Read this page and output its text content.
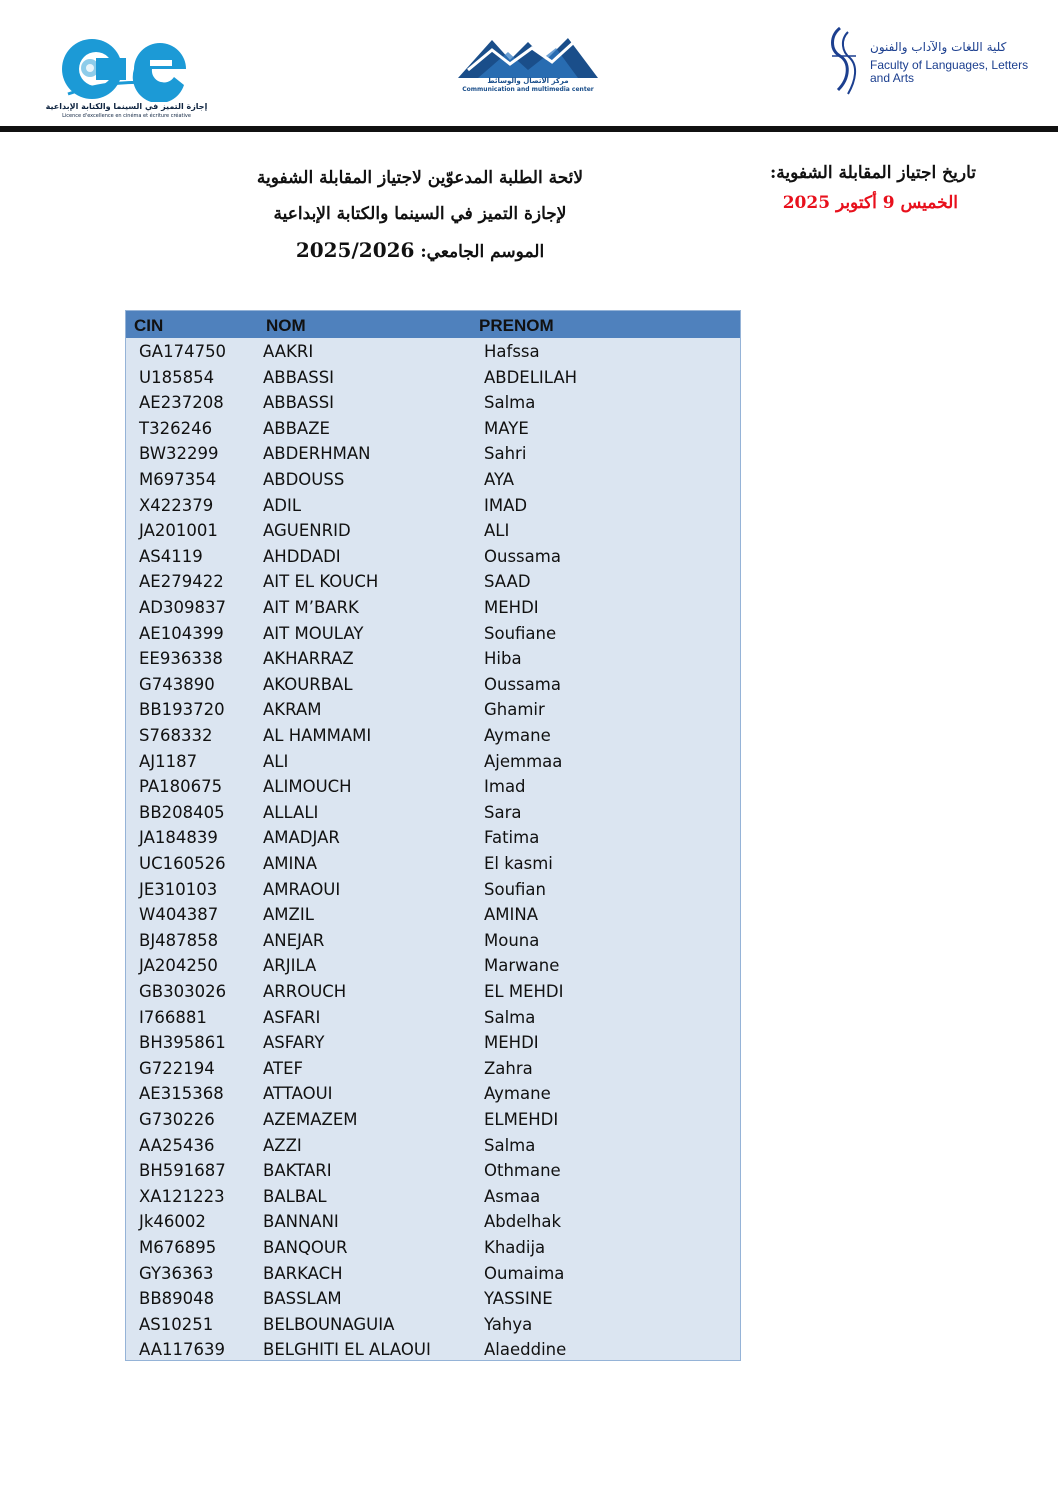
إجازة التميز في السينما والكتابة الإبداعية
Licence d'excellence en cinéma et écriture créative
مركز الاتصال والوسائط
Communication and multimedia center
كلية اللغات والآداب والفنون
Faculty of Languages, Letters
and Arts
لائحة الطلبة المدعوّين لاجتياز المقابلة الشفوية
لإجازة التميز في السينما والكتابة الإبداعية
الموسم الجامعي: 2025/2026
تاريخ اجتياز المقابلة الشفوية:
الخميس 9 أكتوبر 2025
CIN	NOM	PRENOM
GA174750 AAKRI	Hafssa
U185854	ABBASSI	ABDELILAH
AE237208 ABBASSI	Salma
T326246	ABBAZE	MAYE
BW32299	ABDERHMAN	Sahri
M697354	ABDOUSS	AYA
X422379	ADIL	IMAD
JA201001	AGUENRID	ALI
AS4119	AHDDADI	Oussama
AE279422 AIT EL KOUCH	SAAD
AD309837 AIT M’BARK	MEHDI
AE104399 AIT MOULAY	Soufiane
EE936338 AKHARRAZ	Hiba
G743890	AKOURBAL	Oussama
BB193720 AKRAM	Ghamir
S768332	AL HAMMAMI	Aymane
AJ1187	ALI	Ajemmaa
PA180675 ALIMOUCH	Imad
BB208405 ALLALI	Sara
JA184839	AMADJAR	Fatima
UC160526 AMINA	El kasmi
JE310103	AMRAOUI	Soufian
W404387	AMZIL	AMINA
BJ487858	ANEJAR	Mouna
JA204250	ARJILA	Marwane
GB303026 ARROUCH	EL MEHDI
I766881	ASFARI	Salma
BH395861 ASFARY	MEHDI
G722194	ATEF	Zahra
AE315368 ATTAOUI	Aymane
G730226	AZEMAZEM	ELMEHDI
AA25436	AZZI	Salma
BH591687 BAKTARI	Othmane
XA121223 BALBAL	Asmaa
Jk46002	BANNANI	Abdelhak
M676895	BANQOUR	Khadija
GY36363	BARKACH	Oumaima
BB89048	BASSLAM	YASSINE
AS10251	BELBOUNAGUIA	Yahya
AA117639 BELGHITI EL ALAOUI	Alaeddine
